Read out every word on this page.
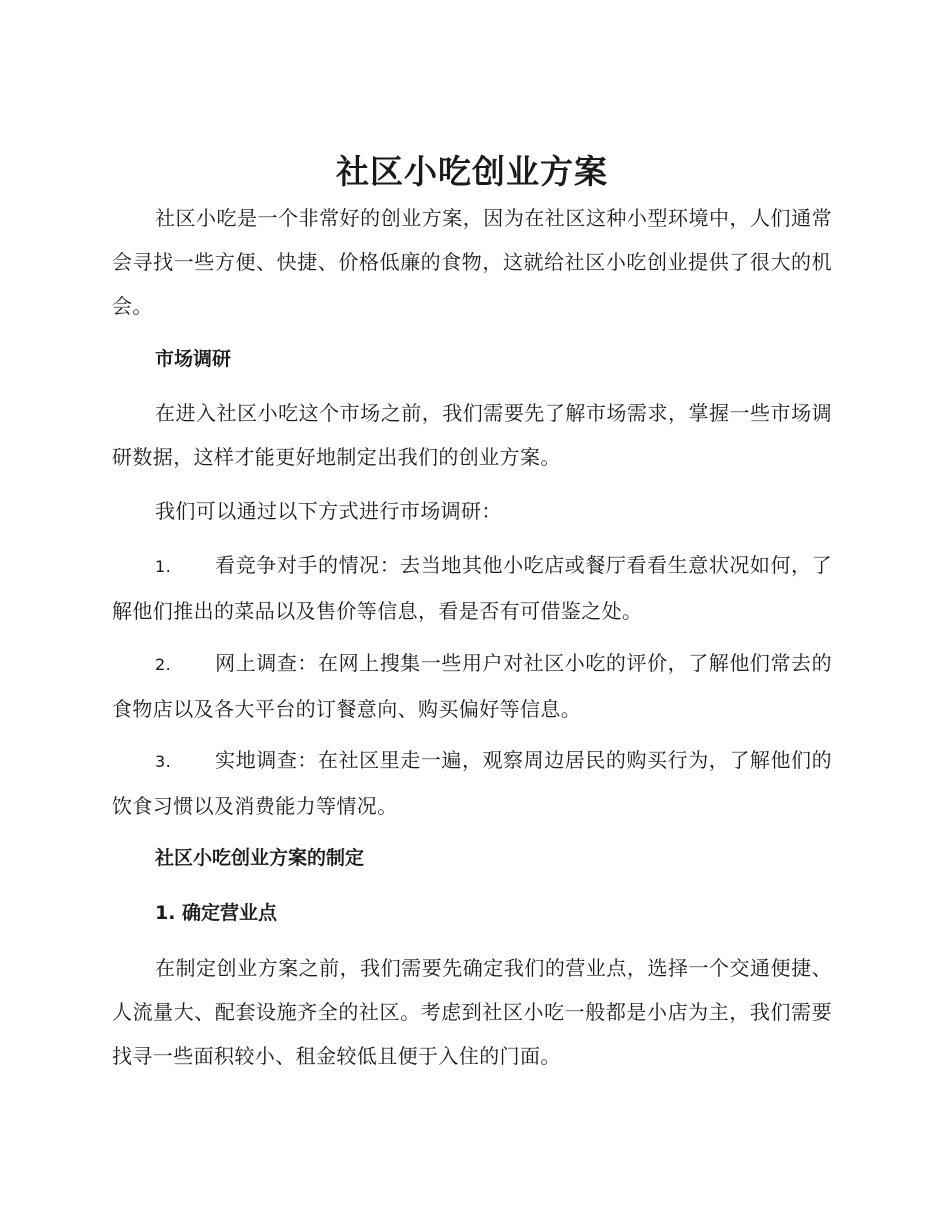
社区小吃创业方案

社区小吃是一个非常好的创业方案，因为在社区这种小型环境中，人们通常会寻找一些方便、快捷、价格低廉的食物，这就给社区小吃创业提供了很大的机会。

市场调研

在进入社区小吃这个市场之前，我们需要先了解市场需求，掌握一些市场调研数据，这样才能更好地制定出我们的创业方案。

我们可以通过以下方式进行市场调研：

1. 看竞争对手的情况：去当地其他小吃店或餐厅看看生意状况如何，了解他们推出的菜品以及售价等信息，看是否有可借鉴之处。

2. 网上调查：在网上搜集一些用户对社区小吃的评价，了解他们常去的食物店以及各大平台的订餐意向、购买偏好等信息。

3. 实地调查：在社区里走一遍，观察周边居民的购买行为，了解他们的饮食习惯以及消费能力等情况。

社区小吃创业方案的制定
1. 确定营业点

在制定创业方案之前，我们需要先确定我们的营业点，选择一个交通便捷、人流量大、配套设施齐全的社区。考虑到社区小吃一般都是小店为主，我们需要找寻一些面积较小、租金较低且便于入住的门面。
